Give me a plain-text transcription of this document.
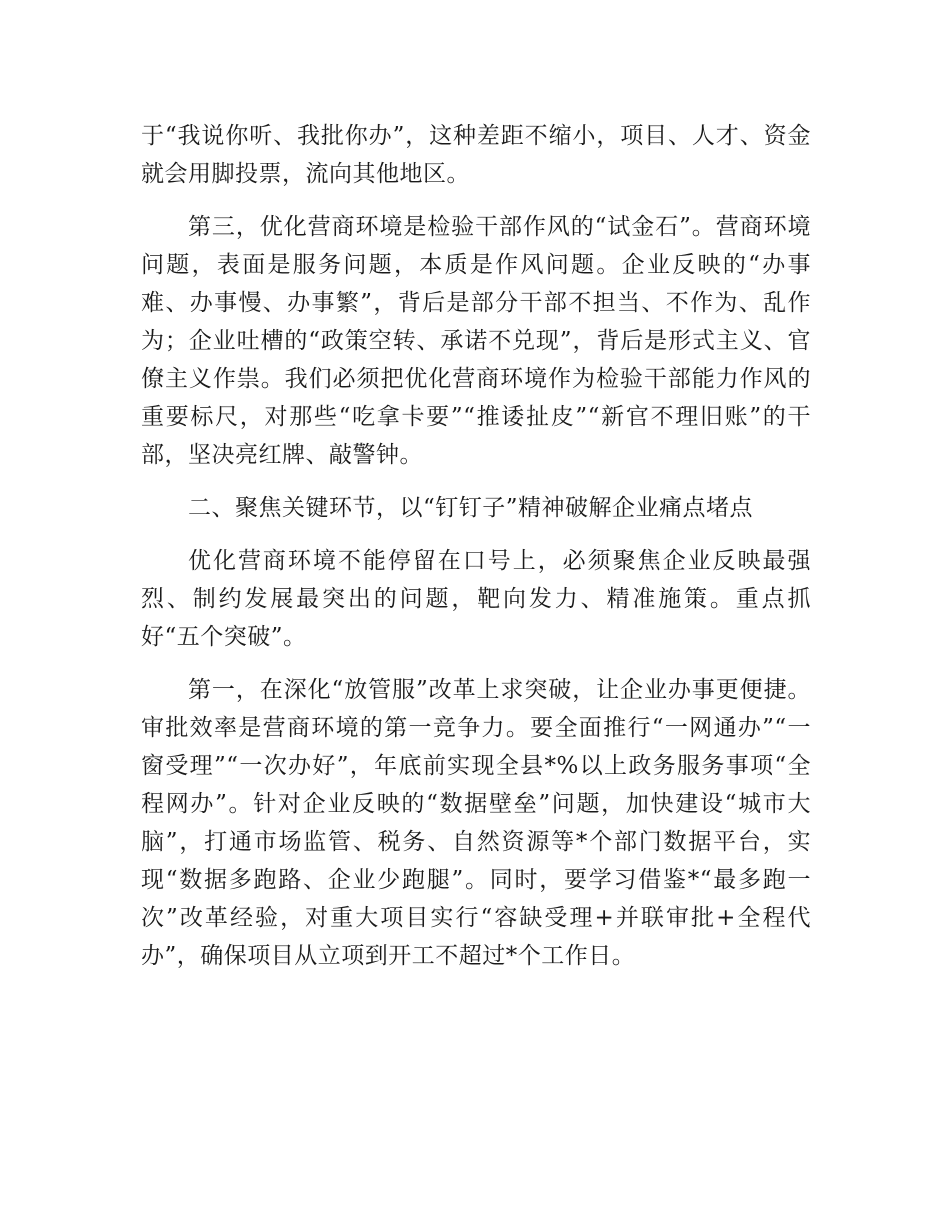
于“我说你听、我批你办”，这种差距不缩小，项目、人才、资金就会用脚投票，流向其他地区。

第三，优化营商环境是检验干部作风的“试金石”。营商环境问题，表面是服务问题，本质是作风问题。企业反映的“办事难、办事慢、办事繁”，背后是部分干部不担当、不作为、乱作为；企业吐槽的“政策空转、承诺不兑现”，背后是形式主义、官僚主义作祟。我们必须把优化营商环境作为检验干部能力作风的重要标尺，对那些“吃拿卡要”“推诿扯皮”“新官不理旧账”的干部，坚决亮红牌、敲警钟。

二、聚焦关键环节，以“钉钉子”精神破解企业痛点堵点

优化营商环境不能停留在口号上，必须聚焦企业反映最强烈、制约发展最突出的问题，靶向发力、精准施策。重点抓好“五个突破”。

第一，在深化“放管服”改革上求突破，让企业办事更便捷。审批效率是营商环境的第一竞争力。要全面推行“一网通办”“一窗受理”“一次办好”，年底前实现全县*%以上政务服务事项“全程网办”。针对企业反映的“数据壁垒”问题，加快建设“城市大脑”，打通市场监管、税务、自然资源等*个部门数据平台，实现“数据多跑路、企业少跑腿”。同时，要学习借鉴*“最多跑一次”改革经验，对重大项目实行“容缺受理+并联审批+全程代办”，确保项目从立项到开工不超过*个工作日。
